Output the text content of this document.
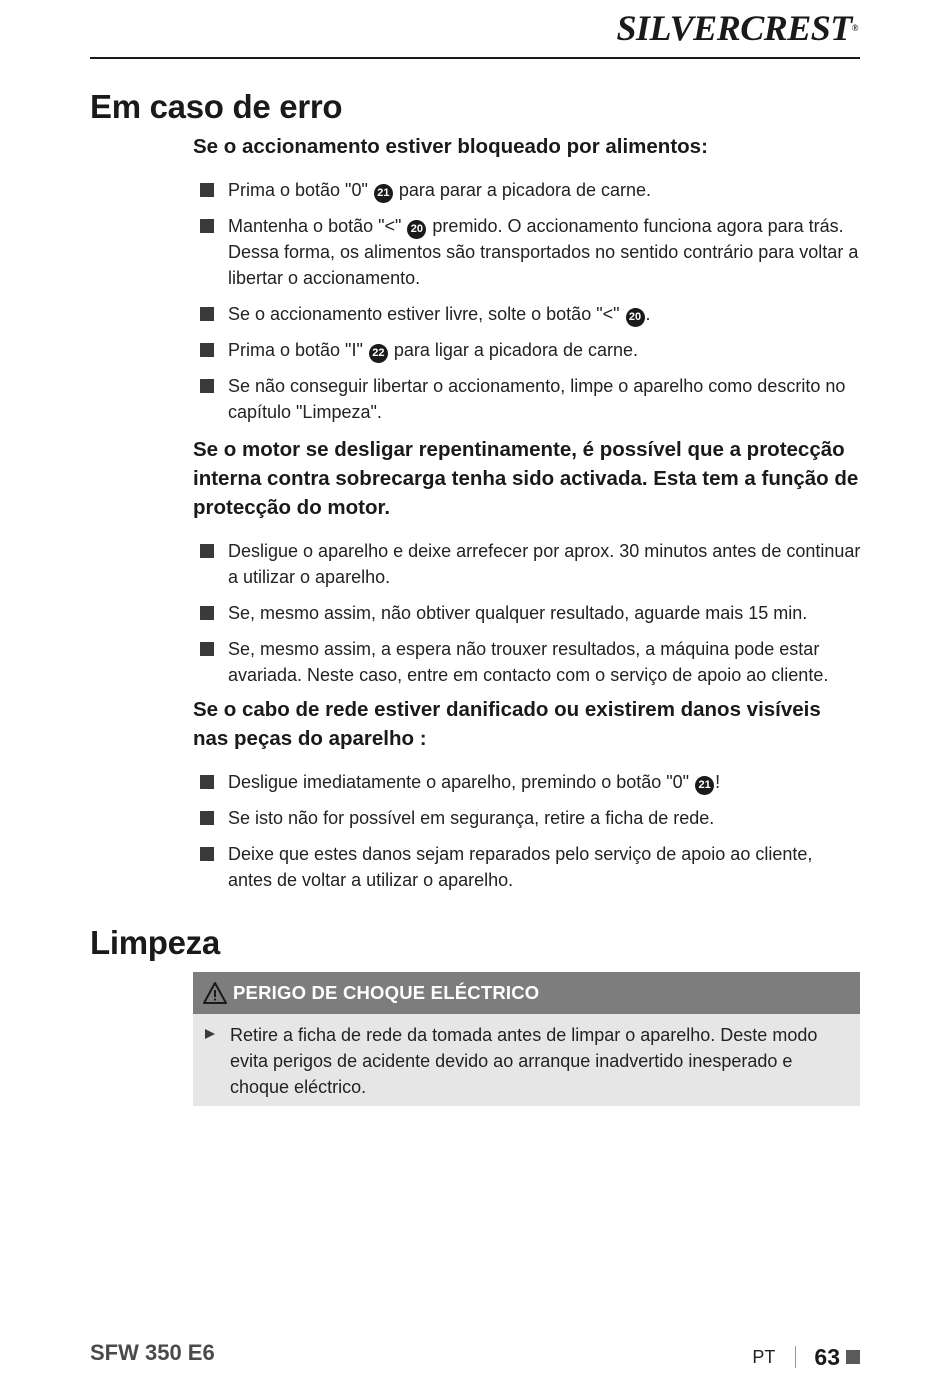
SILVERCREST®
Em caso de erro

Se o accionamento estiver bloqueado por alimentos:

Prima o botão "0" 21 para parar a picadora de carne.
Mantenha o botão "<" 20 premido. O accionamento funciona agora para trás. Dessa forma, os alimentos são transportados no sentido contrário para voltar a libertar o accionamento.
Se o accionamento estiver livre, solte o botão "<" 20 .
Prima o botão "I" 22 para ligar a picadora de carne.
Se não conseguir libertar o accionamento, limpe o aparelho como descrito no capítulo "Limpeza".

Se o motor se desligar repentinamente, é possível que a protecção interna contra sobrecarga tenha sido activada. Esta tem a função de protecção do motor.

Desligue o aparelho e deixe arrefecer por aprox. 30 minutos antes de continuar a utilizar o aparelho.
Se, mesmo assim, não obtiver qualquer resultado, aguarde mais 15 min.
Se, mesmo assim, a espera não trouxer resultados, a máquina pode estar avariada. Neste caso, entre em contacto com o serviço de apoio ao cliente.

Se o cabo de rede estiver danificado ou existirem danos visíveis nas peças do aparelho :

Desligue imediatamente o aparelho, premindo o botão "0" 21 !
Se isto não for possível em segurança, retire a ficha de rede.
Deixe que estes danos sejam reparados pelo serviço de apoio ao cliente, antes de voltar a utilizar o aparelho.
Limpeza
PERIGO DE CHOQUE ELÉCTRICO
Retire a ficha de rede da tomada antes de limpar o aparelho. Deste modo evita perigos de acidente devido ao arranque inadvertido inesperado e choque eléctrico.
SFW 350 E6	PT 63
